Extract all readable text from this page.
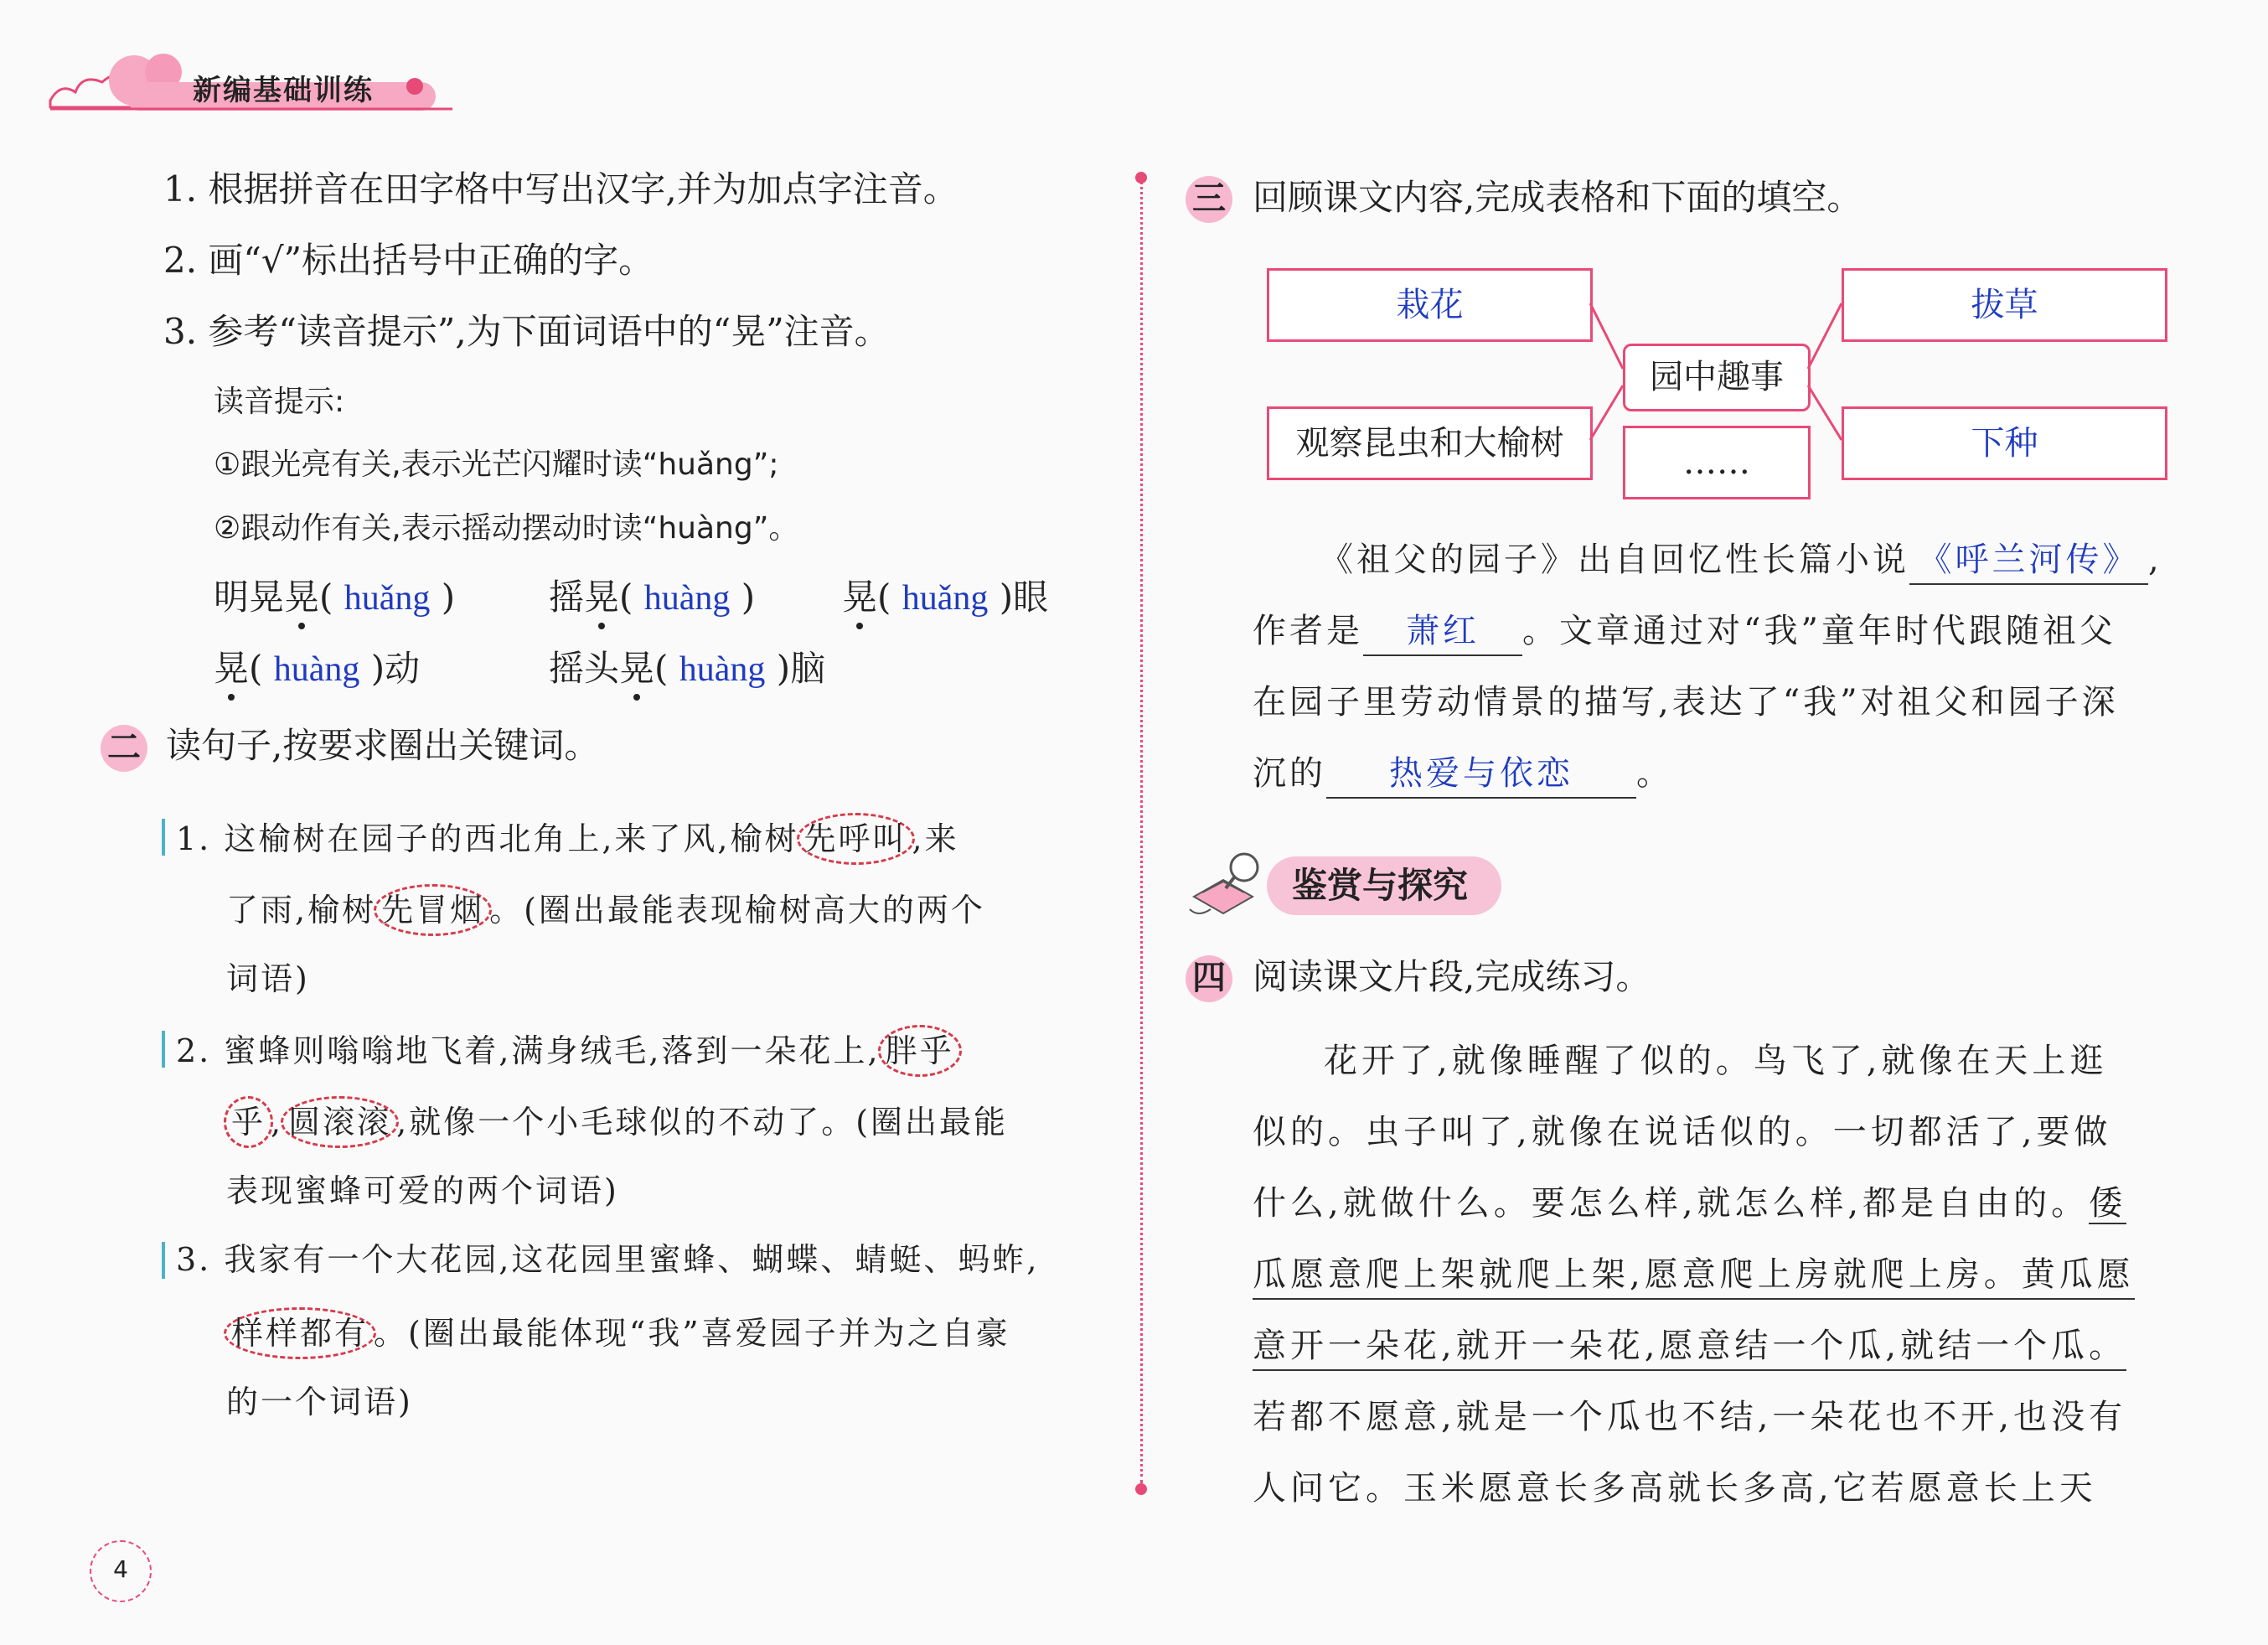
新编基础训练
1. 根据拼音在田字格中写出汉字,并为加点字注音。
2. 画“√”标出括号中正确的字。
3. 参考“读音提示”,为下面词语中的“晃”注音。
读音提示:
①跟光亮有关,表示光芒闪耀时读“huǎng”;
②跟动作有关,表示摇动摆动时读“huàng”。
明晃晃( huǎng )	摇晃( huàng ) 晃( huǎng )眼
晃( huàng )动	摇头晃( huàng )脑
二 读句子,按要求圈出关键词。
1. 这榆树在园子的西北角上,来了风,榆树 先呼叫 ,来
了雨,榆树 先冒烟 。(圈出最能表现榆树高大的两个
词语)
2. 蜜蜂则嗡嗡地飞着,满身绒毛,落到一朵花上, 胖乎
乎 , 圆滚滚 ,就像一个小毛球似的不动了。(圈出最能
表现蜜蜂可爱的两个词语)
3. 我家有一个大花园,这花园里蜜蜂、蝴蝶、蜻蜓、蚂蚱,
样样都有 。(圈出最能体现“我”喜爱园子并为之自豪
的一个词语)
4
三 回顾课文内容,完成表格和下面的填空。
栽花	拔草
园中趣事
观察昆虫和大榆树	……
下种
《祖父的园子》出自回忆性长篇小说 《呼兰河传》 ,
作者是 萧红 。文章通过对“我”童年时代跟随祖父
在园子里劳动情景的描写,表达了“我”对祖父和园子深
沉的 热爱与依恋 。
鉴赏与探究
四 阅读课文片段,完成练习。
花开了,就像睡醒了似的。鸟飞了,就像在天上逛
似的。虫子叫了,就像在说话似的。一切都活了,要做
什么,就做什么。要怎么样,就怎么样,都是自由的。倭
瓜愿意爬上架就爬上架,愿意爬上房就爬上房。黄瓜愿
意开一朵花,就开一朵花,愿意结一个瓜,就结一个瓜。
若都不愿意,就是一个瓜也不结,一朵花也不开,也没有
人问它。玉米愿意长多高就长多高,它若愿意长上天
